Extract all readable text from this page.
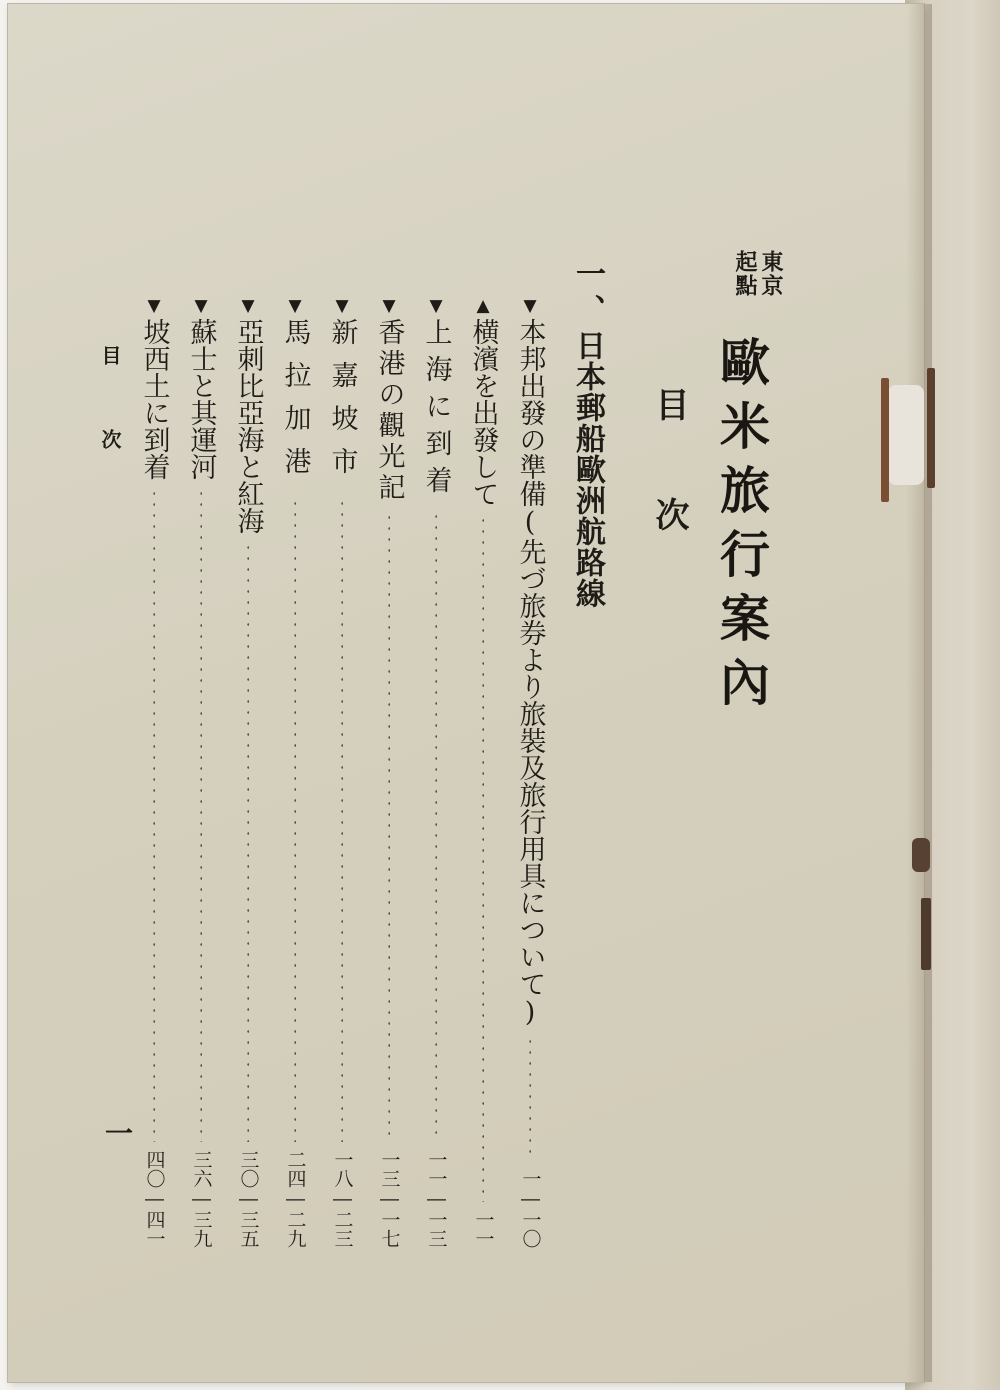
東京
起點
歐米旅行案內
目次
一、日本郵船歐洲航路線
▼
本邦出發の準備(先づ旅券より旅裝及旅行用具について)
一―一〇
▲
横濱を出發して
一一
▼
上海に到着
一一―一三
▼
香港の觀光記
一三―一七
▼
新嘉坡市
一八―二三
▼
馬拉加港
二四―二九
▼
亞刺比亞海と紅海
三〇―三五
▼
蘇士と其運河
三六―三九
▼
坡西土に到着
四〇―四一
目次
一
